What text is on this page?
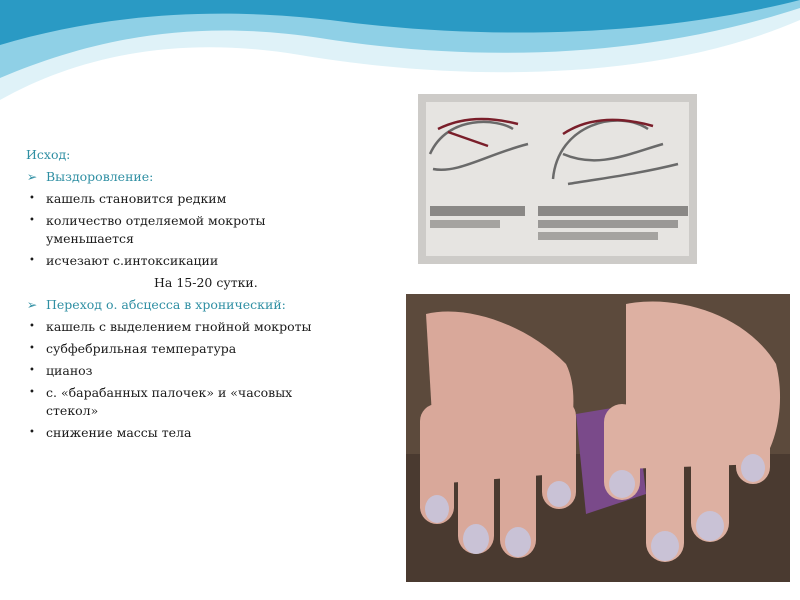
Исход:
➢ Выздоровление:
• кашель становится редким
• количество отделяемой мокроты уменьшается
• исчезают с.интоксикации
На 15-20 сутки.
➢ Переход о. абсцесса в хронический:
• кашель с выделением гнойной мокроты
• субфебрильная температура
• цианоз
• с. «барабанных палочек» и «часовых стекол»
• снижение массы тела
